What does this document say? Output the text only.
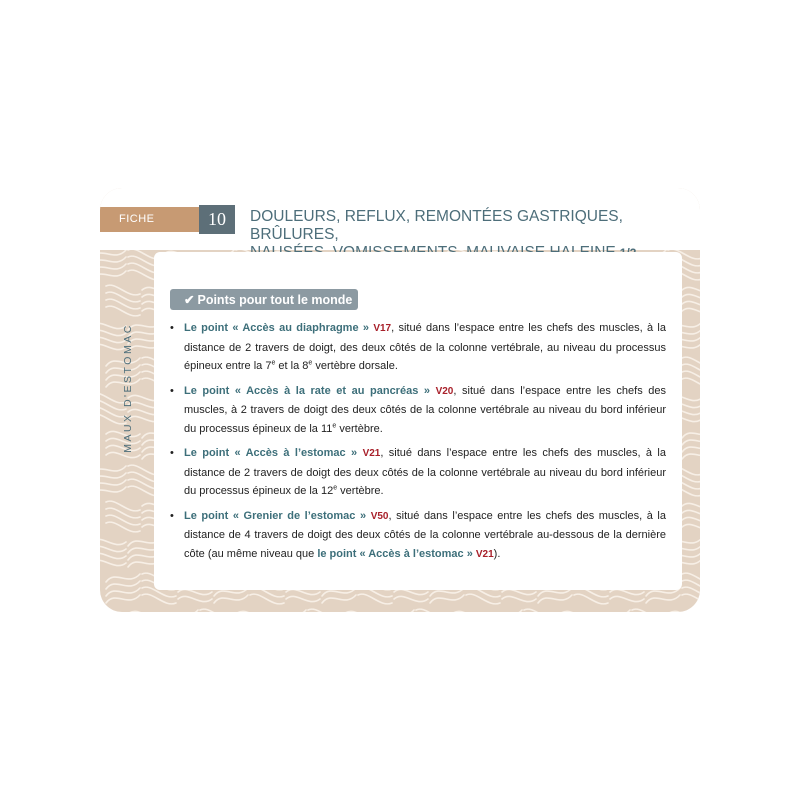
FICHE	10	DOULEURS, REFLUX, REMONTÉES GASTRIQUES, BRÛLURES,
MAUX D'ESTOMAC
✔ Points pour tout le monde
• Le point « Accès au diaphragme » V17, situé dans l’espace entre les chefs des muscles, à la distance de 2 travers de doigt, des deux côtés de la colonne vertébrale, au niveau du processus épineux entre la 7e et la 8e vertèbre dorsale.
• Le point « Accès à la rate et au pancréas » V20, situé dans l’espace entre les chefs des muscles, à 2 travers de doigt des deux côtés de la colonne vertébrale au niveau du bord inférieur du processus épineux de la 11e vertèbre.
• Le point « Accès à l’estomac » V21, situé dans l’espace entre les chefs des muscles, à la distance de 2 travers de doigt des deux côtés de la colonne vertébrale au niveau du bord inférieur du processus épineux de la 12e vertèbre.
• Le point « Grenier de l’estomac » V50, situé dans l’espace entre les chefs des muscles, à la distance de 4 travers de doigt des deux côtés de la colonne vertébrale au-dessous de la dernière côte (au même niveau que le point « Accès à l’estomac » V21).
